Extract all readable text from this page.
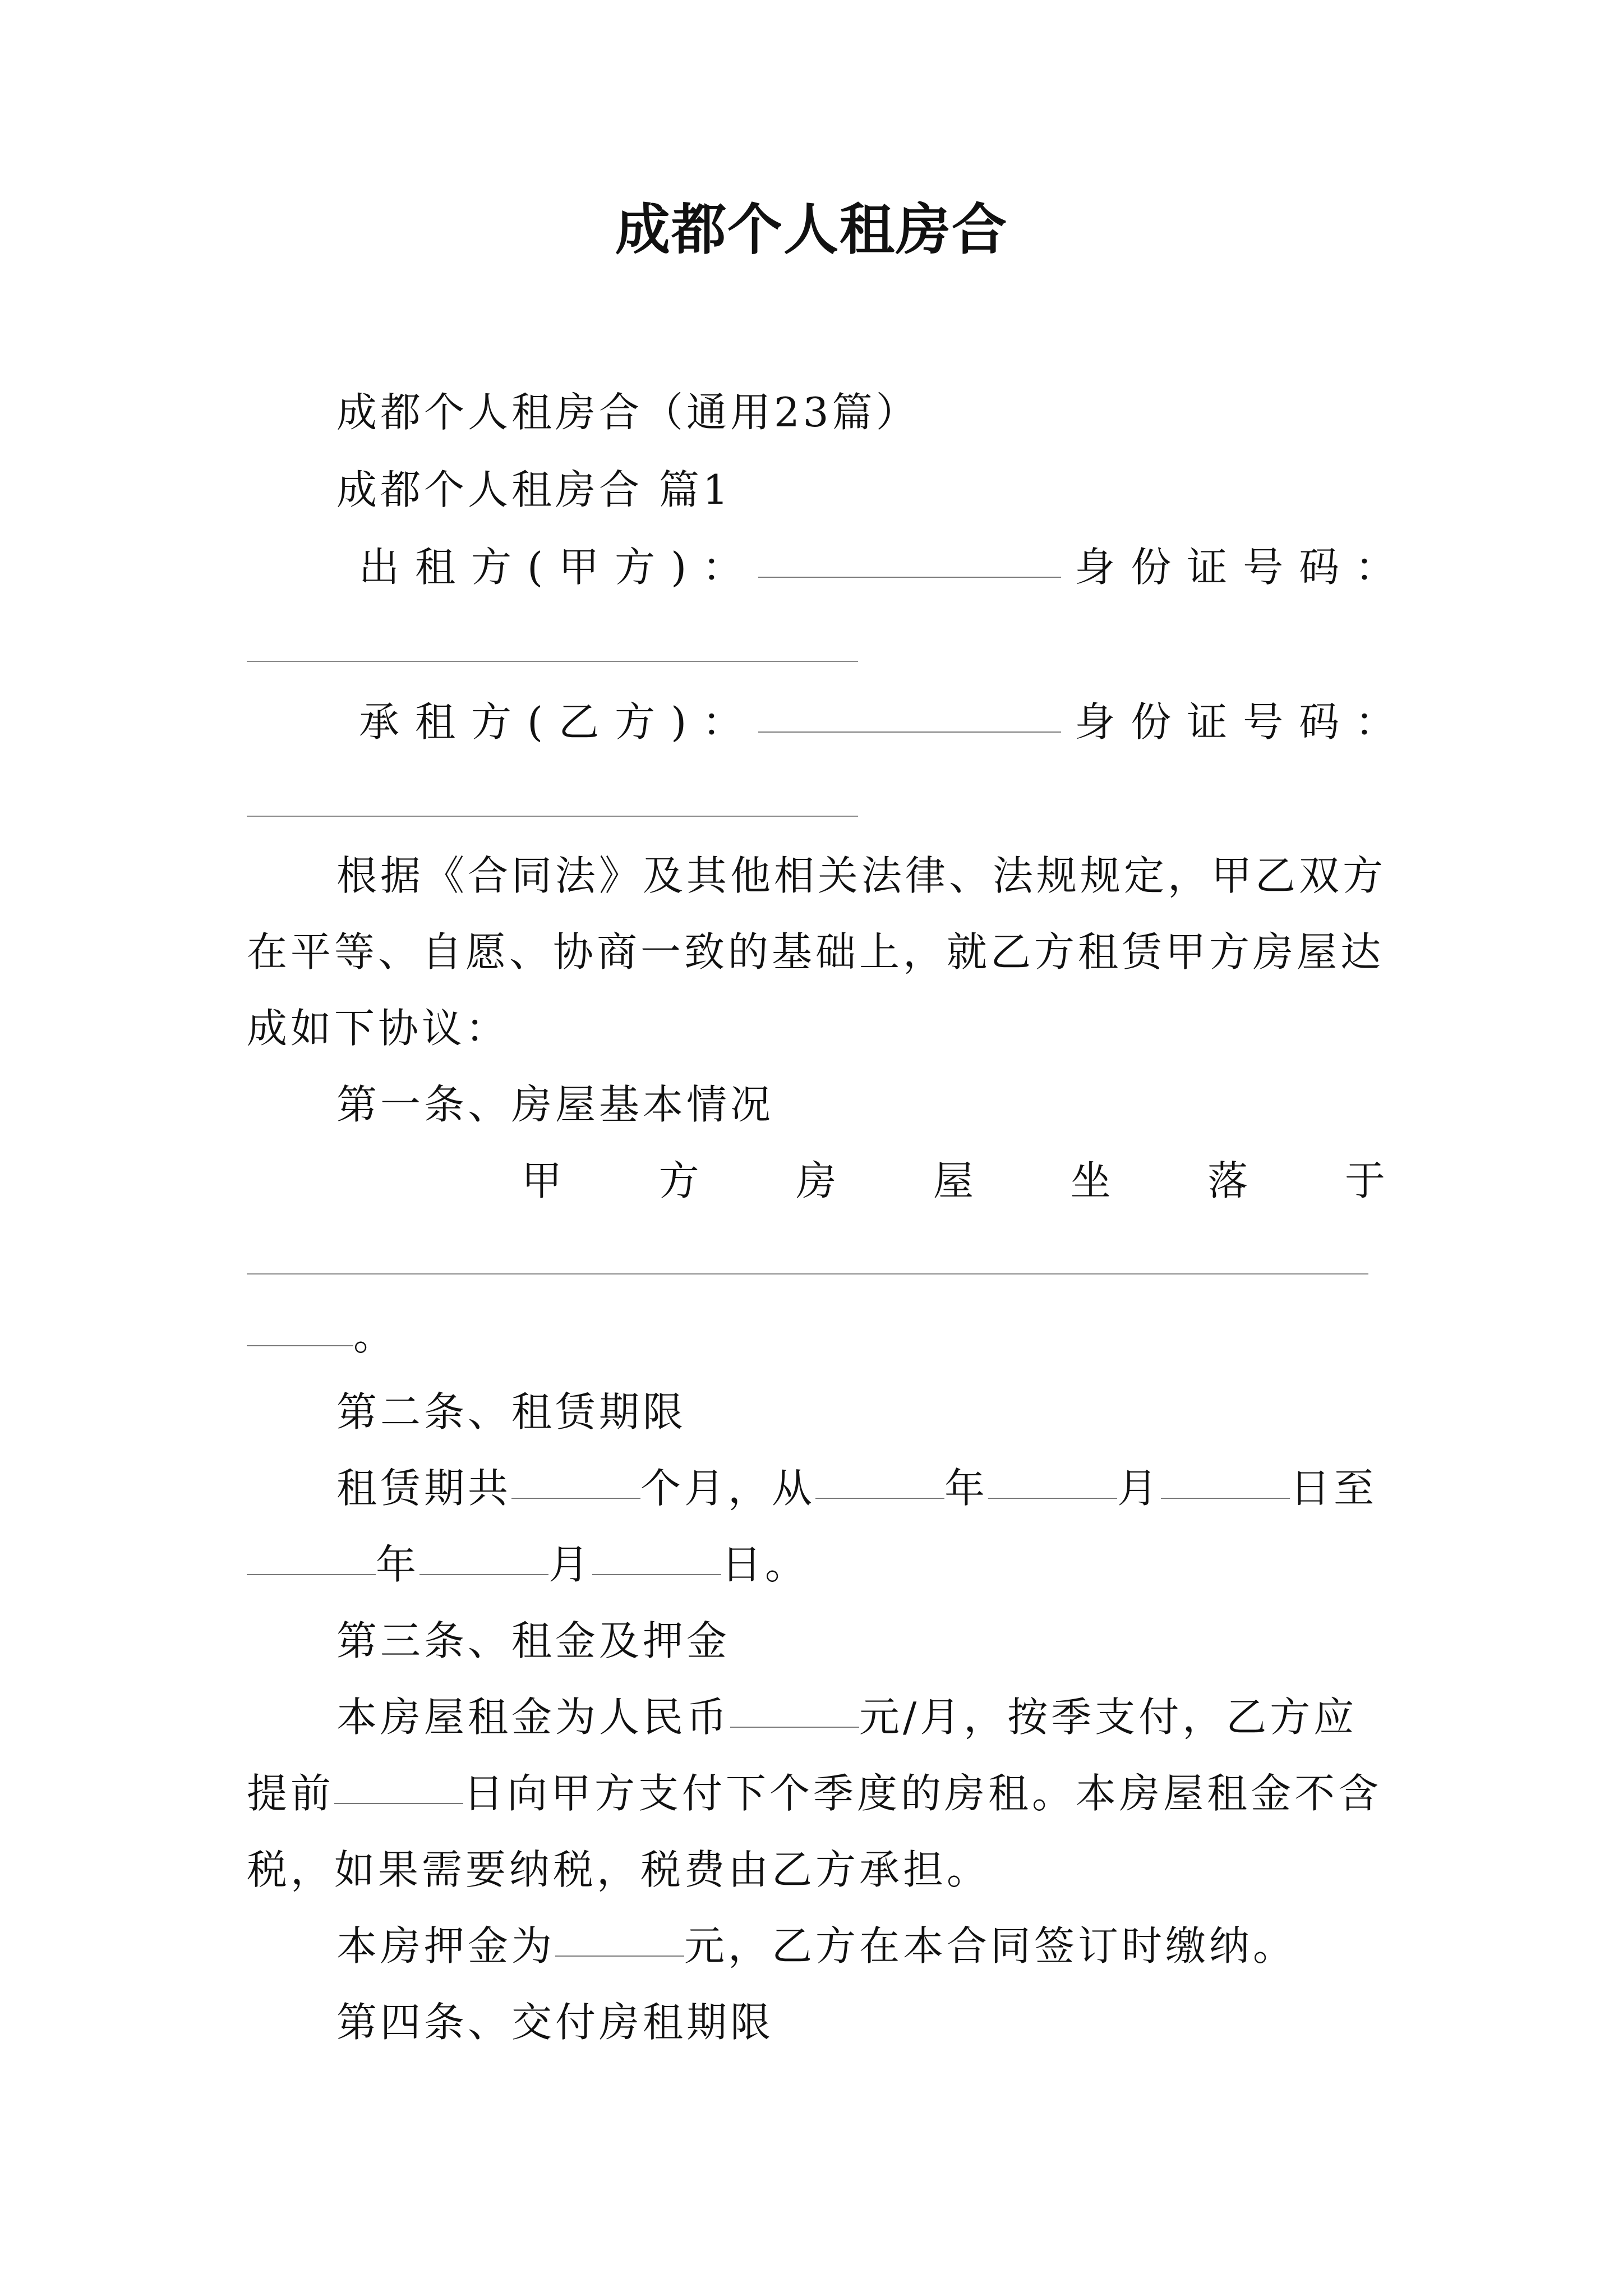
成都个人租房合
成都个人租房合（通用23篇）
成都个人租房合 篇1
出租方(甲方)：	身份证号码：
承租方(乙方)：	身份证号码：
根据《合同法》及其他相关法律、法规规定，甲乙双方
在平等、自愿、协商一致的基础上，就乙方租赁甲方房屋达
成如下协议：
第一条、房屋基本情况
甲 方 房 屋 坐 落 于
。
第二条、租赁期限
租赁期共	个月，从	年	月	日至
年	月	日。
第三条、租金及押金
本房屋租金为人民币	元/月，按季支付，乙方应
提前	日向甲方支付下个季度的房租。本房屋租金不含
税，如果需要纳税，税费由乙方承担。
本房押金为	元，乙方在本合同签订时缴纳。
第四条、交付房租期限
